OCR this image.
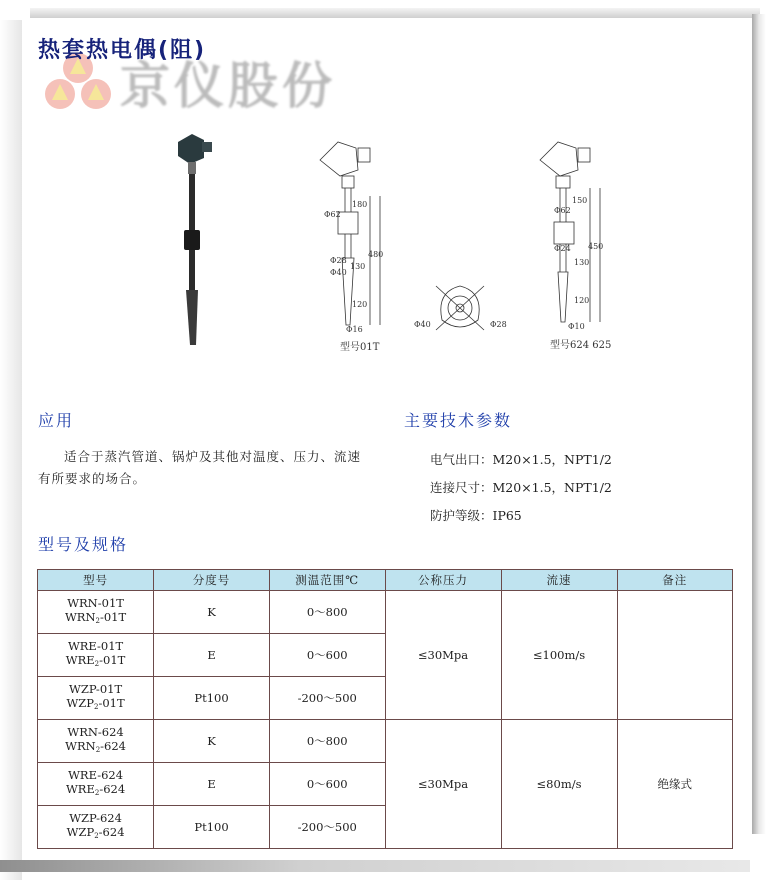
京仪股份
热套热电偶(阻)
180
Φ62
480
Φ28
130
Φ40
120
Φ16
型号01T
Φ40	Φ28
150
Φ62
Φ24 450
130
120
Φ10
型号624 625
应用
适合于蒸汽管道、锅炉及其他对温度、压力、流速有所要求的场合。
主要技术参数
电气出口：M20×1.5，NPT1/2
连接尺寸：M20×1.5，NPT1/2
防护等级：IP65
型号及规格
型号	分度号	测温范围℃	公称压力	流速	备注
WRN-01T
$WRN_2-01T$	K	0～800	≤30Mpa	≤100m/s	
WRE-01T
$WRE_2-01T$	E	0～600			
WZP-01T
$WZP_2-01T$	Pt100	-200～500			
WRN-624
$WRN_2-624$	K	0～800	≤30Mpa	≤80m/s	绝缘式
WRE-624
$WRE_2-624$	E	0～600			
WZP-624
$WZP_2-624$	Pt100	-200～500			
